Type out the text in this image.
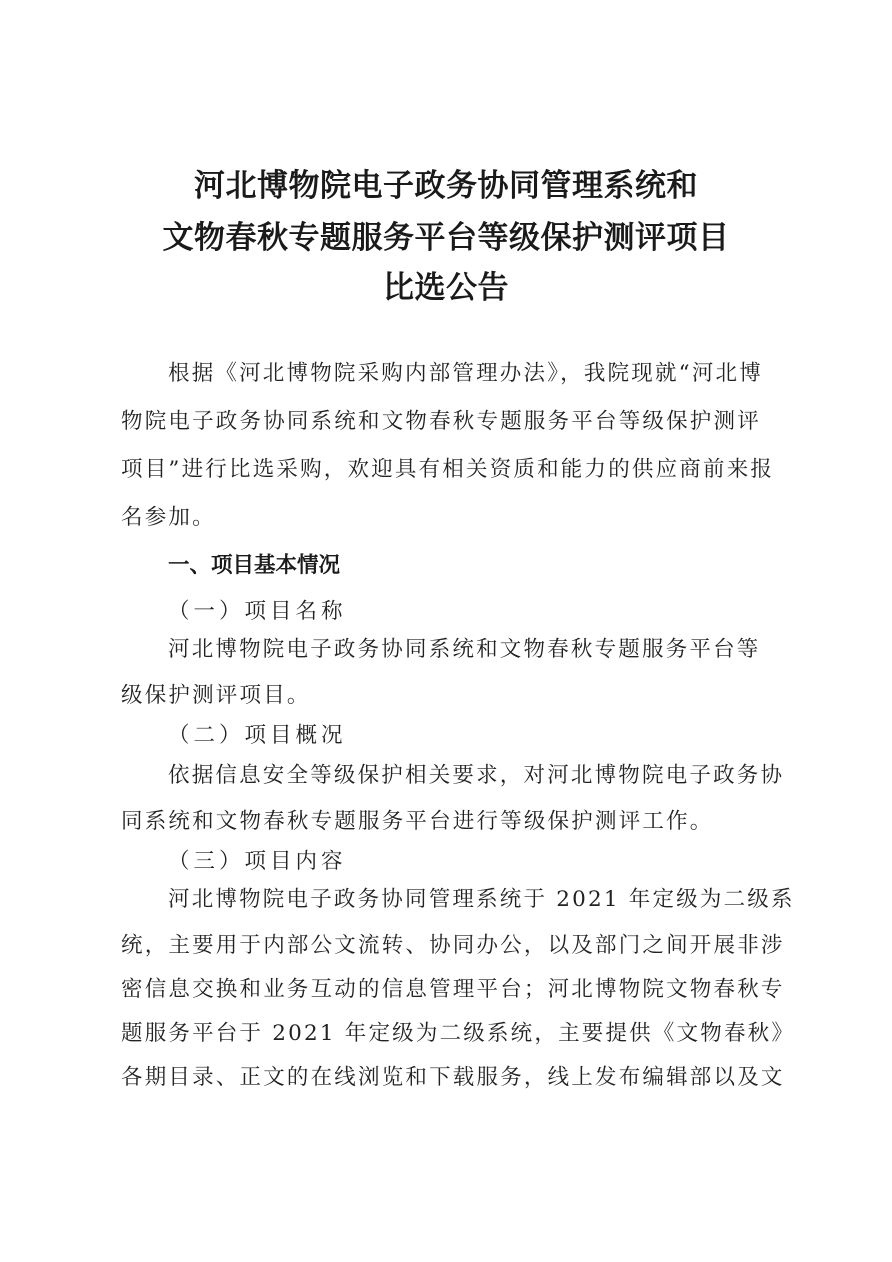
河北博物院电子政务协同管理系统和
文物春秋专题服务平台等级保护测评项目
比选公告
根据《河北博物院采购内部管理办法》，我院现就“河北博
物院电子政务协同系统和文物春秋专题服务平台等级保护测评
项目”进行比选采购，欢迎具有相关资质和能力的供应商前来报
名参加。
一、项目基本情况
（一）项目名称
河北博物院电子政务协同系统和文物春秋专题服务平台等
级保护测评项目。
（二）项目概况
依据信息安全等级保护相关要求，对河北博物院电子政务协
同系统和文物春秋专题服务平台进行等级保护测评工作。
（三）项目内容
河北博物院电子政务协同管理系统于 2021 年定级为二级系
统，主要用于内部公文流转、协同办公，以及部门之间开展非涉
密信息交换和业务互动的信息管理平台；河北博物院文物春秋专
题服务平台于 2021 年定级为二级系统，主要提供《文物春秋》
各期目录、正文的在线浏览和下载服务，线上发布编辑部以及文
